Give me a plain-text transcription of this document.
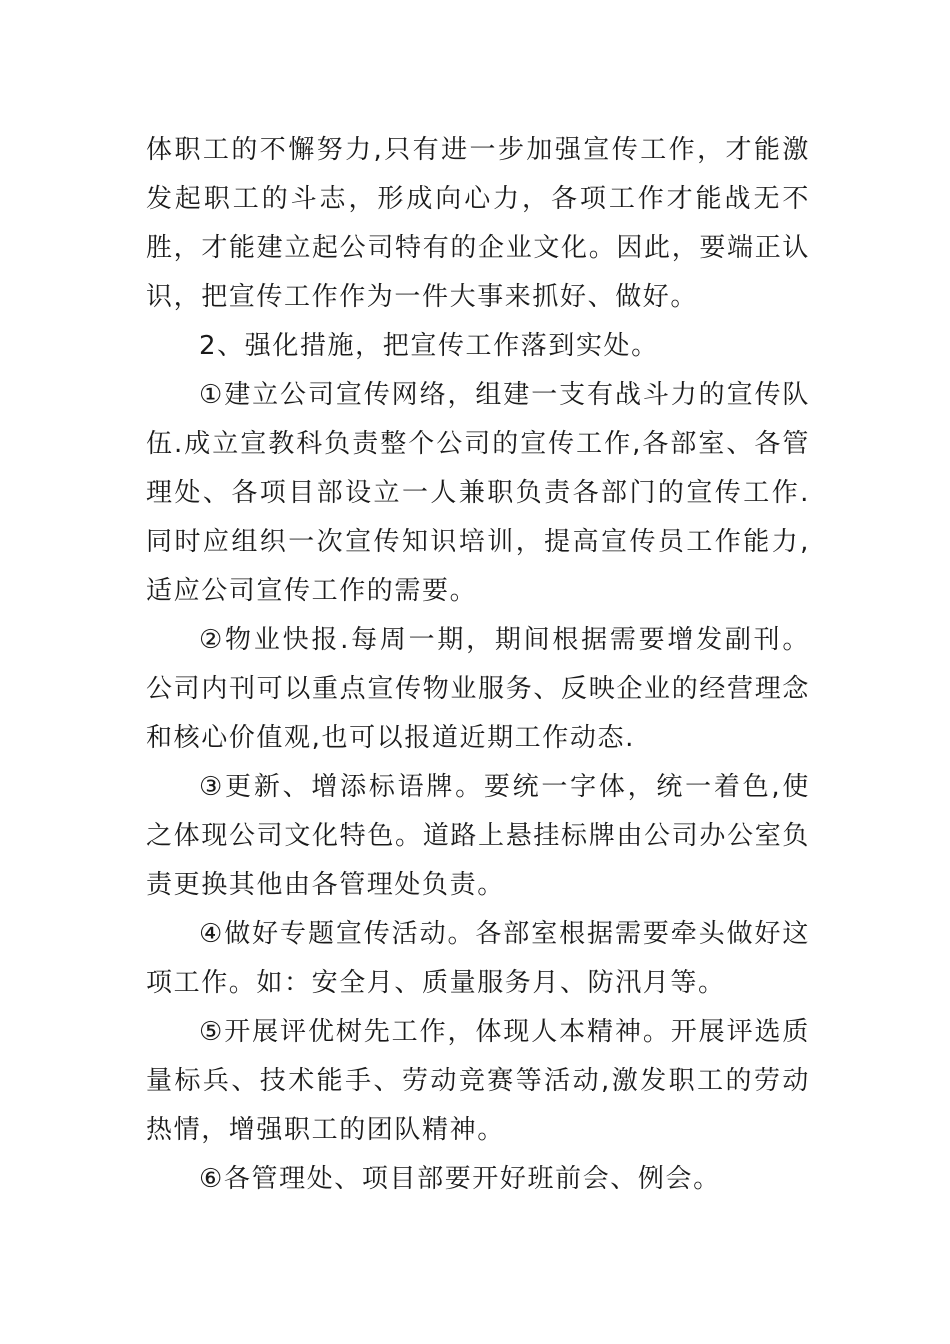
体职工的不懈努力,只有进一步加强宣传工作，才能激发起职工的斗志，形成向心力，各项工作才能战无不胜，才能建立起公司特有的企业文化。因此，要端正认识，把宣传工作作为一件大事来抓好、做好。

2、强化措施，把宣传工作落到实处。

①建立公司宣传网络，组建一支有战斗力的宣传队伍.成立宣教科负责整个公司的宣传工作,各部室、各管理处、各项目部设立一人兼职负责各部门的宣传工作.同时应组织一次宣传知识培训，提高宣传员工作能力,适应公司宣传工作的需要。

②物业快报.每周一期，期间根据需要增发副刊。公司内刊可以重点宣传物业服务、反映企业的经营理念和核心价值观,也可以报道近期工作动态.

③更新、增添标语牌。要统一字体，统一着色,使之体现公司文化特色。道路上悬挂标牌由公司办公室负责更换其他由各管理处负责。

④做好专题宣传活动。各部室根据需要牵头做好这项工作。如：安全月、质量服务月、防汛月等。

⑤开展评优树先工作，体现人本精神。开展评选质量标兵、技术能手、劳动竞赛等活动,激发职工的劳动热情，增强职工的团队精神。

⑥各管理处、项目部要开好班前会、例会。
